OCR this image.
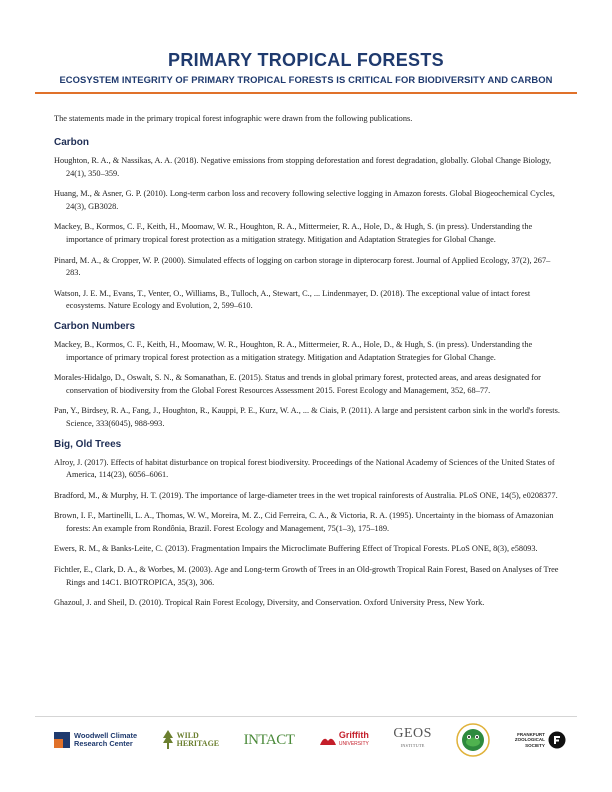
PRIMARY TROPICAL FORESTS
ECOSYSTEM INTEGRITY OF PRIMARY TROPICAL FORESTS IS CRITICAL FOR BIODIVERSITY AND CARBON

The statements made in the primary tropical forest infographic were drawn from the following publications.

Carbon

Houghton, R. A., & Nassikas, A. A. (2018). Negative emissions from stopping deforestation and forest degradation, globally. Global Change Biology, 24(1), 350–359.

Huang, M., & Asner, G. P. (2010). Long-term carbon loss and recovery following selective logging in Amazon forests. Global Biogeochemical Cycles, 24(3), GB3028.

Mackey, B., Kormos, C. F., Keith, H., Moomaw, W. R., Houghton, R. A., Mittermeier, R. A., Hole, D., & Hugh, S. (in press). Understanding the importance of primary tropical forest protection as a mitigation strategy. Mitigation and Adaptation Strategies for Global Change.

Pinard, M. A., & Cropper, W. P. (2000). Simulated effects of logging on carbon storage in dipterocarp forest. Journal of Applied Ecology, 37(2), 267–283.

Watson, J. E. M., Evans, T., Venter, O., Williams, B., Tulloch, A., Stewart, C., ... Lindenmayer, D. (2018). The exceptional value of intact forest ecosystems. Nature Ecology and Evolution, 2, 599–610.

Carbon Numbers

Mackey, B., Kormos, C. F., Keith, H., Moomaw, W. R., Houghton, R. A., Mittermeier, R. A., Hole, D., & Hugh, S. (in press). Understanding the importance of primary tropical forest protection as a mitigation strategy. Mitigation and Adaptation Strategies for Global Change.

Morales-Hidalgo, D., Oswalt, S. N., & Somanathan, E. (2015). Status and trends in global primary forest, protected areas, and areas designated for conservation of biodiversity from the Global Forest Resources Assessment 2015. Forest Ecology and Management, 352, 68–77.

Pan, Y., Birdsey, R. A., Fang, J., Houghton, R., Kauppi, P. E., Kurz, W. A., ... & Ciais, P. (2011). A large and persistent carbon sink in the world's forests. Science, 333(6045), 988-993.

Big, Old Trees

Alroy, J. (2017). Effects of habitat disturbance on tropical forest biodiversity. Proceedings of the National Academy of Sciences of the United States of America, 114(23), 6056–6061.

Bradford, M., & Murphy, H. T. (2019). The importance of large-diameter trees in the wet tropical rainforests of Australia. PLoS ONE, 14(5), e0208377.

Brown, I. F., Martinelli, L. A., Thomas, W. W., Moreira, M. Z., Cid Ferreira, C. A., & Victoria, R. A. (1995). Uncertainty in the biomass of Amazonian forests: An example from Rondônia, Brazil. Forest Ecology and Management, 75(1–3), 175–189.

Ewers, R. M., & Banks-Leite, C. (2013). Fragmentation Impairs the Microclimate Buffering Effect of Tropical Forests. PLoS ONE, 8(3), e58093.

Fichtler, E., Clark, D. A., & Worbes, M. (2003). Age and Long-term Growth of Trees in an Old-growth Tropical Rain Forest, Based on Analyses of Tree Rings and 14C1. BIOTROPICA, 35(3), 306.

Ghazoul, J. and Sheil, D. (2010). Tropical Rain Forest Ecology, Diversity, and Conservation. Oxford University Press, New York.

Woodwell Climate
Research Center
WILD
HERITAGE INTACT	Griffith
UNIVERSITY
GEOS
INSTITUTE
FRANKFURT
ZOOLOGICAL
SOCIETY
